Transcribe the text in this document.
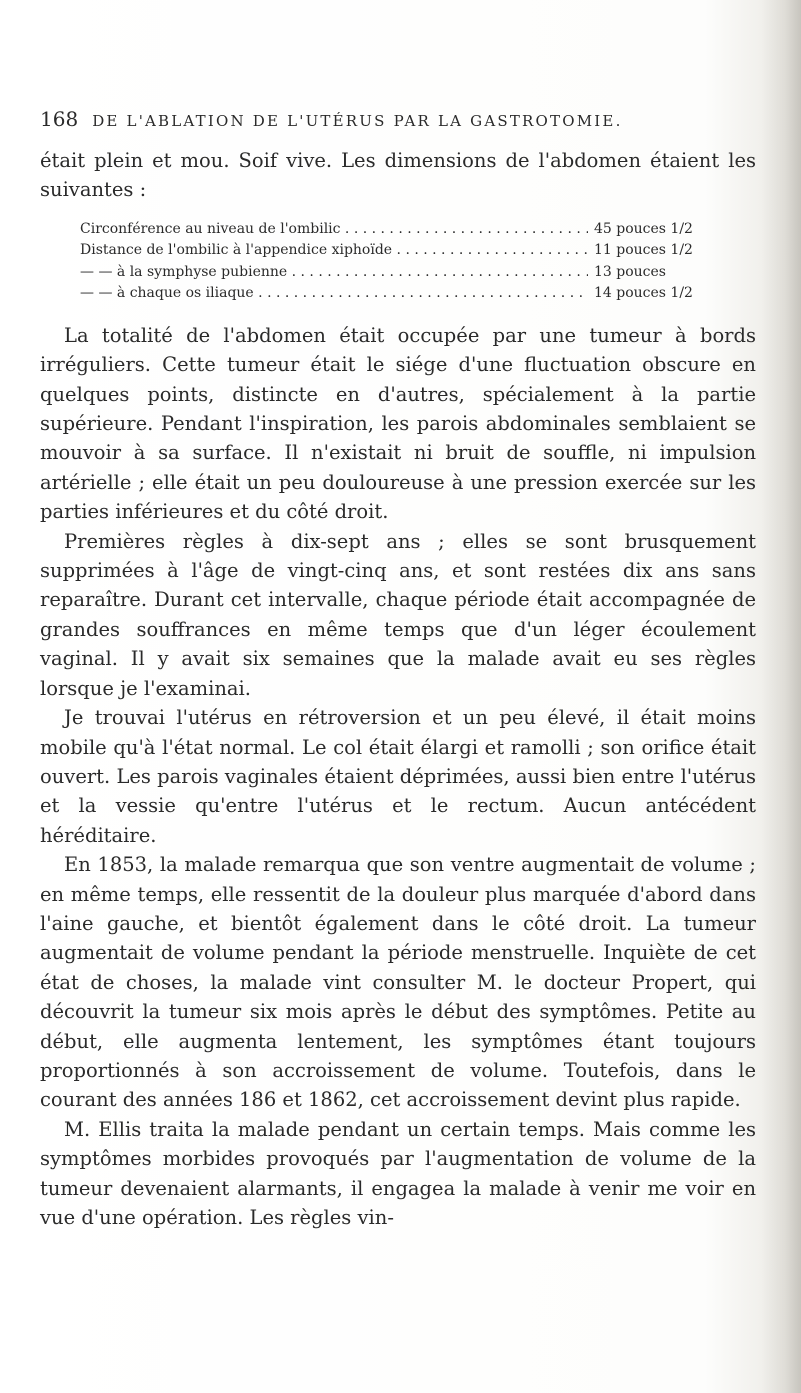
168 DE L'ABLATION DE L'UTÉRUS PAR LA GASTROTOMIE.

était plein et mou. Soif vive. Les dimensions de l'abdomen étaient les suivantes :

Circonférence au niveau de l'ombilic . . .	45 pouces 1/2
Distance de l'ombilic à l'appendice xiphoïde . . .	11 pouces 1/2
— — à la symphyse pubienne . . .	13 pouces
— — à chaque os iliaque . . .	14 pouces 1/2

La totalité de l'abdomen était occupée par une tumeur à bords irréguliers. Cette tumeur était le siége d'une fluctuation obscure en quelques points, distincte en d'autres, spécialement à la partie supérieure. Pendant l'inspiration, les parois abdominales semblaient se mouvoir à sa surface. Il n'existait ni bruit de souffle, ni impulsion artérielle ; elle était un peu douloureuse à une pression exercée sur les parties inférieures et du côté droit.

Premières règles à dix-sept ans ; elles se sont brusquement supprimées à l'âge de vingt-cinq ans, et sont restées dix ans sans reparaître. Durant cet intervalle, chaque période était accompagnée de grandes souffrances en même temps que d'un léger écoulement vaginal. Il y avait six semaines que la malade avait eu ses règles lorsque je l'examinai.

Je trouvai l'utérus en rétroversion et un peu élevé, il était moins mobile qu'à l'état normal. Le col était élargi et ramolli ; son orifice était ouvert. Les parois vaginales étaient déprimées, aussi bien entre l'utérus et la vessie qu'entre l'utérus et le rectum. Aucun antécédent héréditaire.

En 1853, la malade remarqua que son ventre augmentait de volume ; en même temps, elle ressentit de la douleur plus marquée d'abord dans l'aine gauche, et bientôt également dans le côté droit. La tumeur augmentait de volume pendant la période menstruelle. Inquiète de cet état de choses, la malade vint consulter M. le docteur Propert, qui découvrit la tumeur six mois après le début des symptômes. Petite au début, elle augmenta lentement, les symptômes étant toujours proportionnés à son accroissement de volume. Toutefois, dans le courant des années 186 et 1862, cet accroissement devint plus rapide.

M. Ellis traita la malade pendant un certain temps. Mais comme les symptômes morbides provoqués par l'augmentation de volume de la tumeur devenaient alarmants, il engagea la malade à venir me voir en vue d'une opération. Les règles vin-
